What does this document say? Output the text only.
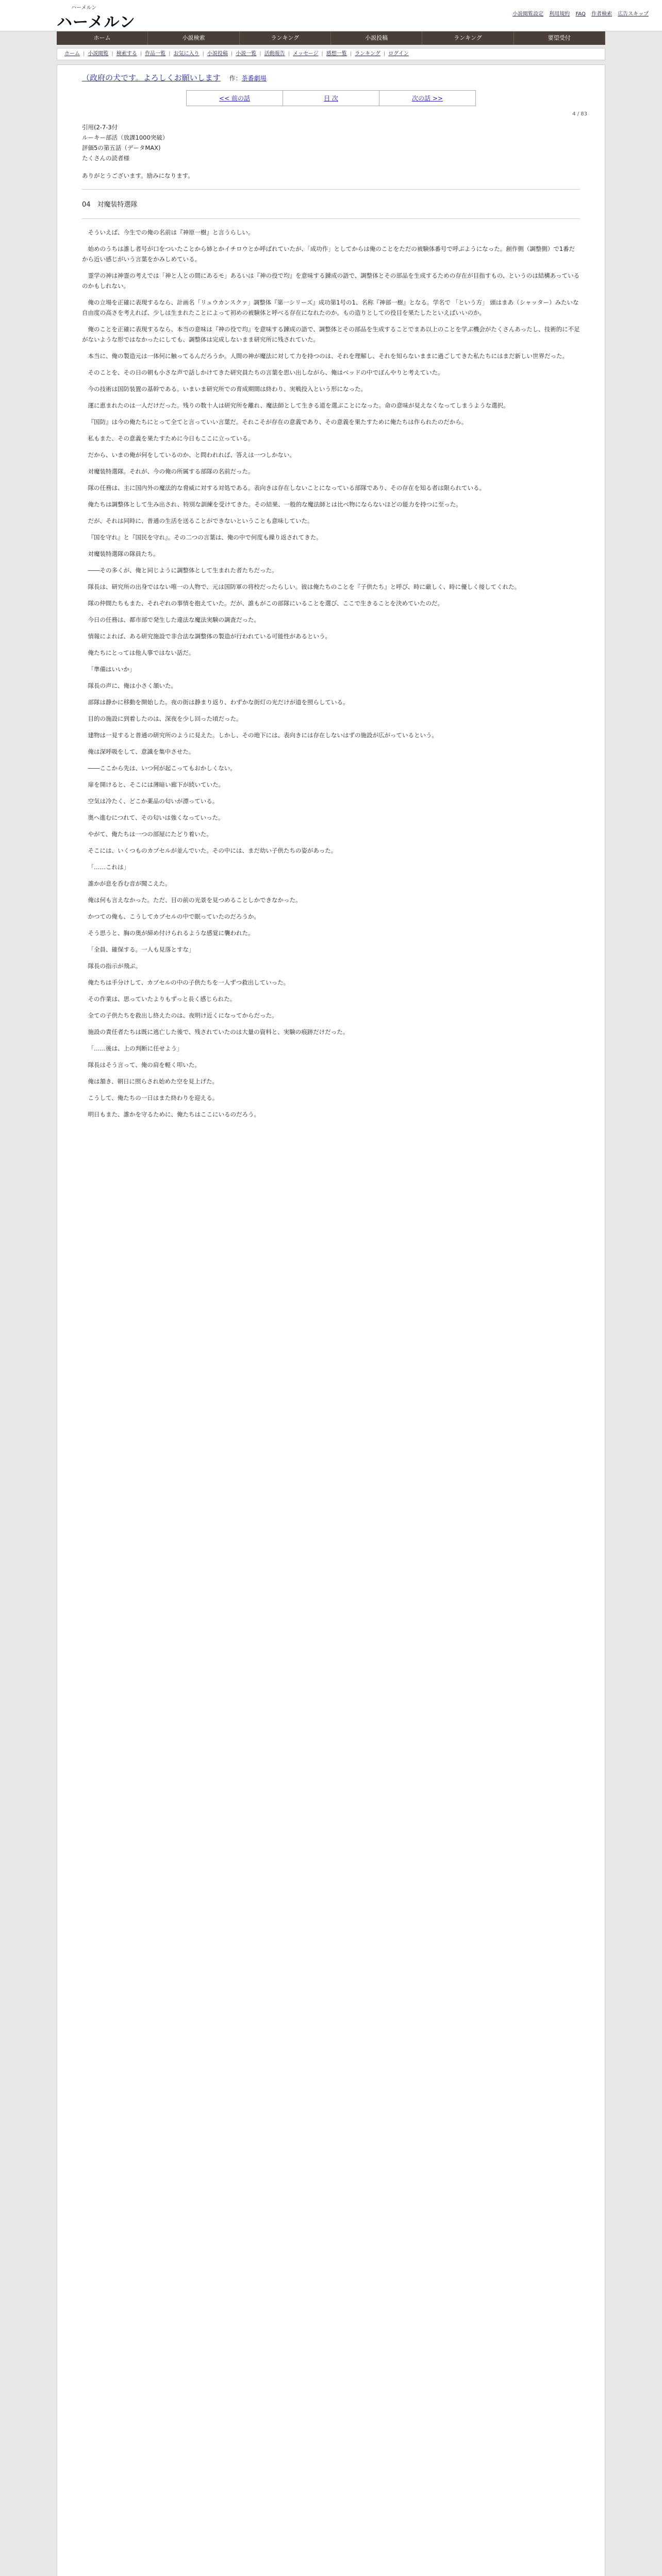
ハーメルン
ハーメルン	小説閲覧設定 利用規約 FAQ 作者検索 広告スキップ
ホーム	小説検索	ランキング	小説投稿	ランキング	要望受付
ホーム | 小説閲覧 | 検索する | 作品一覧 | お気に入り | 小説投稿 | 小説一覧 | 活動報告 | メッセージ | 感想一覧 | ランキング | ログイン
（政府の犬です。よろしくお願いします 作：茶番劇場
<< 前の話	目 次	次の話 >>
4 / 83

引用(2-7-3付

ルーキー部活（放課1000突破）

評価5の第五話（データMAX)

たくさんの読者様

ありがとうございます。励みになります。

04　対魔装特選隊

そういえば、今生での俺の名前は『神原一樹』と言うらしい。

始めのうちは誰し者号が口をついたことから姉とかイチロウとか呼ばれていたが、「成功作」としてからは俺のことをただの被験体番号で呼ぶようになった。創作側（調整側）で1番だから近い感じがいう言葉をかみしめている。

霊学の神は神霊の考えでは「神と人との間にあるモ」あるいは『神の役で均』を意味する錬成の語で、調整体とその部品を生成するための存在が目指すもの、というのは結構あっているのかもしれない。

俺の立場を正確に表現するなら、計画名「リュウカンスクァ」調整体『第一シリーズ』成功第1号の1、名称『神部一樹』となる。学名で 「という方」 頭はまあ（シャッター）みたいな自由度の高さを考えれば、少しは生まれたことによって初めの被験体と呼べる存在になれたのか。もの造りとしての役目を果たしたといえばいいのか。

俺のことを正確に表現するなら、本当の意味は『神の役で均』を意味する錬成の語で、調整体とその部品を生成することでまあ以上のことを学ぶ機会がたくさんあったし、技術的に不足がないような形ではなかったにしても、調整体は完成しないまま研究所に残されていた。

本当に、俺の製造元は一体何に触ってるんだろうか。人間の神が魔法に対して力を持つのは、それを理解し、それを知らないままに過ごしてきた私たちにはまだ新しい世界だった。

そのことを、その日の朝も小さな声で話しかけてきた研究員たちの言葉を思い出しながら、俺はベッドの中でぼんやりと考えていた。

今の技術は国防装置の基幹である。いまいま研究所での育成期間は終わり、実戦投入という形になった。

運に恵まれたのは一人だけだった。残りの数十人は研究所を離れ、魔法師として生きる道を選ぶことになった。命の意味が見えなくなってしまうような選択。

『国防』は今の俺たちにとって全てと言っていい言葉だ。それこそが存在の意義であり、その意義を果たすために俺たちは作られたのだから。

私もまた、その意義を果たすために今日もここに立っている。

だから、いまの俺が何をしているのか、と問われれば、答えは一つしかない。

対魔装特選隊。それが、今の俺の所属する部隊の名前だった。

隊の任務は、主に国内外の魔法的な脅威に対する対処である。表向きは存在しないことになっている部隊であり、その存在を知る者は限られている。

俺たちは調整体として生み出され、特別な訓練を受けてきた。その結果、一般的な魔法師とは比べ物にならないほどの能力を持つに至った。

だが、それは同時に、普通の生活を送ることができないということも意味していた。

『国を守れ』と『国民を守れ』。その二つの言葉は、俺の中で何度も繰り返されてきた。

対魔装特選隊の隊員たち。

――その多くが、俺と同じように調整体として生まれた者たちだった。

隊長は、研究所の出身ではない唯一の人物で、元は国防軍の将校だったらしい。彼は俺たちのことを『子供たち』と呼び、時に厳しく、時に優しく接してくれた。

隊の仲間たちもまた、それぞれの事情を抱えていた。だが、誰もがこの部隊にいることを選び、ここで生きることを決めていたのだ。

今日の任務は、都市部で発生した違法な魔法実験の調査だった。

情報によれば、ある研究施設で非合法な調整体の製造が行われている可能性があるという。

俺たちにとっては他人事ではない話だ。

「準備はいいか」

隊長の声に、俺は小さく頷いた。

部隊は静かに移動を開始した。夜の街は静まり返り、わずかな街灯の光だけが道を照らしている。

目的の施設に到着したのは、深夜を少し回った頃だった。

建物は一見すると普通の研究所のように見えた。しかし、その地下には、表向きには存在しないはずの施設が広がっているという。

俺は深呼吸をして、意識を集中させた。

――ここから先は、いつ何が起こってもおかしくない。

扉を開けると、そこには薄暗い廊下が続いていた。

空気は冷たく、どこか薬品の匂いが漂っている。

奥へ進むにつれて、その匂いは強くなっていった。

やがて、俺たちは一つの部屋にたどり着いた。

そこには、いくつものカプセルが並んでいた。その中には、まだ幼い子供たちの姿があった。

「……これは」

誰かが息を呑む音が聞こえた。

俺は何も言えなかった。ただ、目の前の光景を見つめることしかできなかった。

かつての俺も、こうしてカプセルの中で眠っていたのだろうか。

そう思うと、胸の奥が締め付けられるような感覚に襲われた。

「全員、確保する。一人も見落とすな」

隊長の指示が飛ぶ。

俺たちは手分けして、カプセルの中の子供たちを一人ずつ救出していった。

その作業は、思っていたよりもずっと長く感じられた。

全ての子供たちを救出し終えたのは、夜明け近くになってからだった。

施設の責任者たちは既に逃亡した後で、残されていたのは大量の資料と、実験の痕跡だけだった。

「……後は、上の判断に任せよう」

隊長はそう言って、俺の肩を軽く叩いた。

俺は頷き、朝日に照らされ始めた空を見上げた。

こうして、俺たちの一日はまた終わりを迎える。

明日もまた、誰かを守るために、俺たちはここにいるのだろう。
